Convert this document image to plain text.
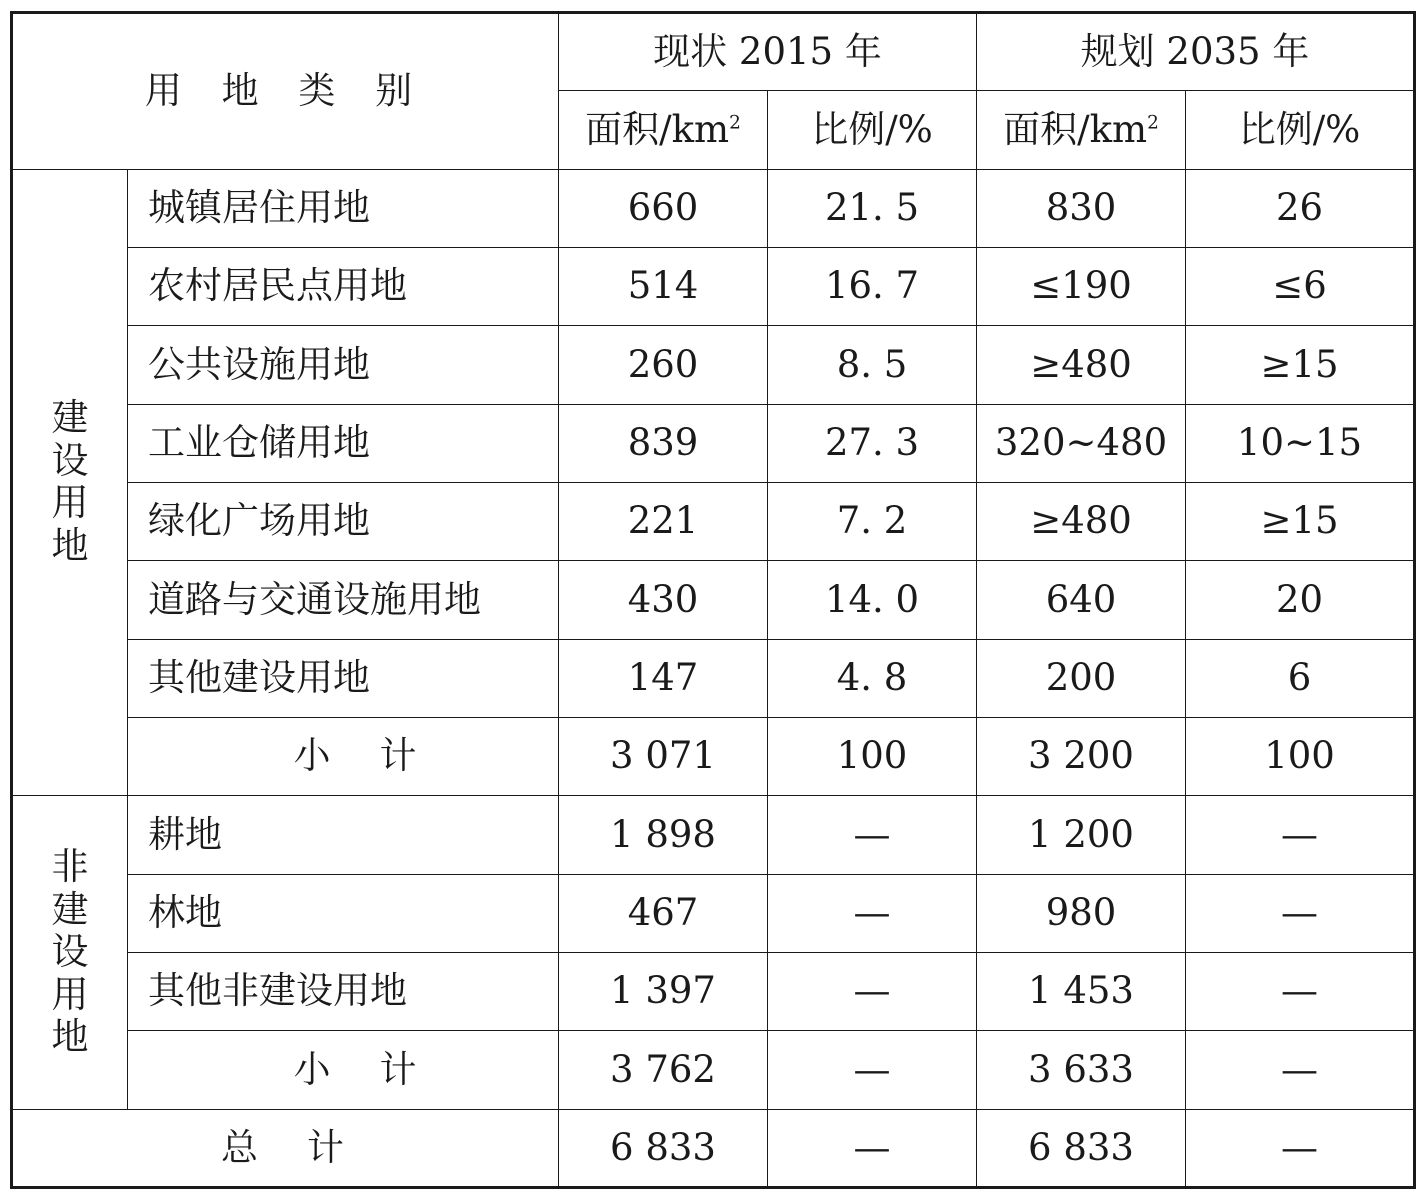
用 地 类 别		现状 2015 年		规划 2035 年	
		面积$/km^2$	比例/%	面积$/km^2$	比例/%

建
设
用
地	城镇居住用地	660	21. 5	830	26
	农村居民点用地	514	16. 7	≤190	≤6
	公共设施用地	260	8. 5	≥480	≥15
	工业仓储用地	839	27. 3	320~480	10~15
	绿化广场用地	221	7. 2	≥480	≥15
	道路与交通设施用地	430	14. 0	640	20
	其他建设用地	147	4. 8	200	6
	小　计	3 071	100	3 200	100

非
建
设
用
地	耕地	1 898	—	1 200	—
	林地	467	—	980	—
	其他非建设用地	1 397	—	1 453	—
	小　计	3 762	—	3 633	—
总　计		6 833	—	6 833	—
